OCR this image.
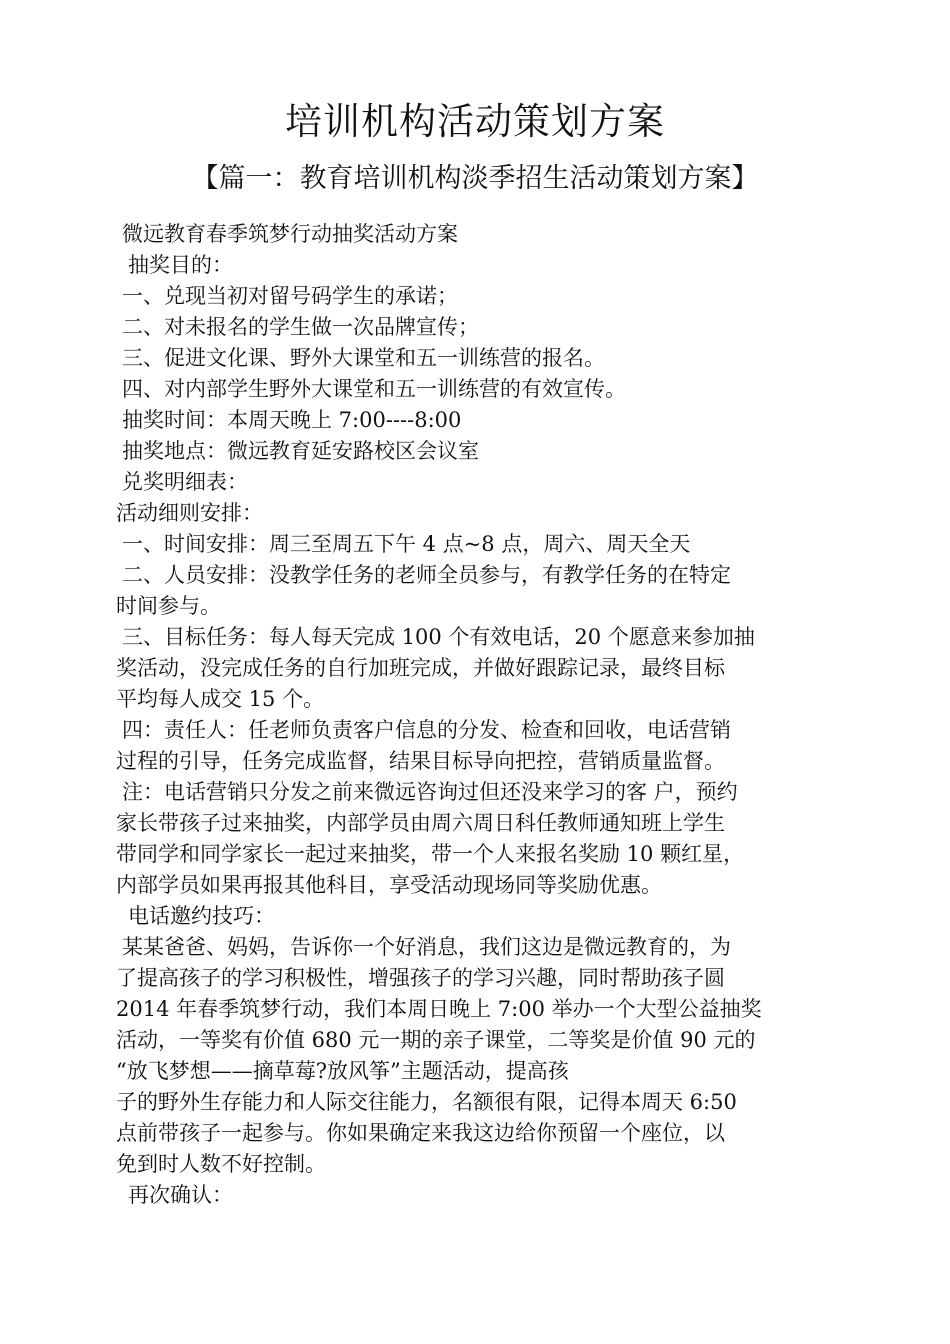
培训机构活动策划方案
【篇一：教育培训机构淡季招生活动策划方案】
微远教育春季筑梦行动抽奖活动方案
抽奖目的：
一、兑现当初对留号码学生的承诺；
二、对未报名的学生做一次品牌宣传；
三、促进文化课、野外大课堂和五一训练营的报名。
四、对内部学生野外大课堂和五一训练营的有效宣传。
抽奖时间：本周天晚上 7:00----8:00
抽奖地点：微远教育延安路校区会议室
兑奖明细表：
活动细则安排：
一、时间安排：周三至周五下午 4 点~8 点，周六、周天全天
二、人员安排：没教学任务的老师全员参与，有教学任务的在特定
时间参与。
三、目标任务：每人每天完成 100 个有效电话，20 个愿意来参加抽
奖活动，没完成任务的自行加班完成，并做好跟踪记录，最终目标
平均每人成交 15 个。
四：责任人：任老师负责客户信息的分发、检查和回收，电话营销
过程的引导，任务完成监督，结果目标导向把控，营销质量监督。
注：电话营销只分发之前来微远咨询过但还没来学习的客 户，预约
家长带孩子过来抽奖，内部学员由周六周日科任教师通知班上学生
带同学和同学家长一起过来抽奖，带一个人来报名奖励 10 颗红星，
内部学员如果再报其他科目，享受活动现场同等奖励优惠。
电话邀约技巧：
某某爸爸、妈妈，告诉你一个好消息，我们这边是微远教育的，为
了提高孩子的学习积极性，增强孩子的学习兴趣，同时帮助孩子圆
2014 年春季筑梦行动，我们本周日晚上 7:00 举办一个大型公益抽奖
活动，一等奖有价值 680 元一期的亲子课堂，二等奖是价值 90 元的
“放飞梦想——摘草莓?放风筝”主题活动，提高孩
子的野外生存能力和人际交往能力，名额很有限，记得本周天 6:50
点前带孩子一起参与。你如果确定来我这边给你预留一个座位，以
免到时人数不好控制。
再次确认：
